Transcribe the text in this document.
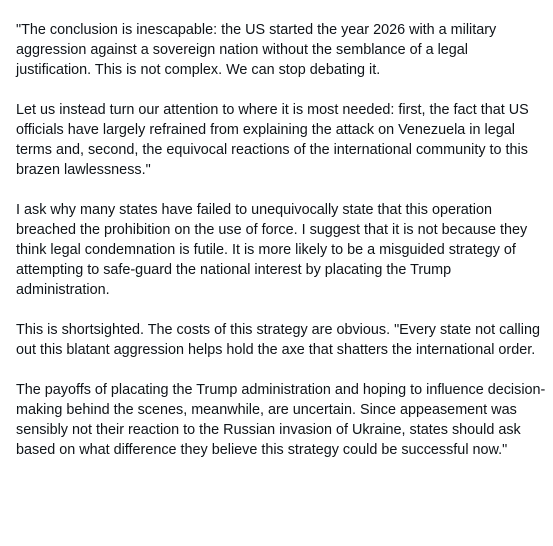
"The conclusion is inescapable: the US started the year 2026 with a military aggression against a sovereign nation without the semblance of a legal justification. This is not complex. We can stop debating it.

Let us instead turn our attention to where it is most needed: first, the fact that US officials have largely refrained from explaining the attack on Venezuela in legal terms and, second, the equivocal reactions of the international community to this brazen lawlessness."

I ask why many states have failed to unequivocally state that this operation breached the prohibition on the use of force. I suggest that it is not because they think legal condemnation is futile. It is more likely to be a misguided strategy of attempting to safe-guard the national interest by placating the Trump administration.

This is shortsighted. The costs of this strategy are obvious. "Every state not calling out this blatant aggression helps hold the axe that shatters the international order.

The payoffs of placating the Trump administration and hoping to influence decision-making behind the scenes, meanwhile, are uncertain. Since appeasement was sensibly not their reaction to the Russian invasion of Ukraine, states should ask based on what difference they believe this strategy could be successful now."
